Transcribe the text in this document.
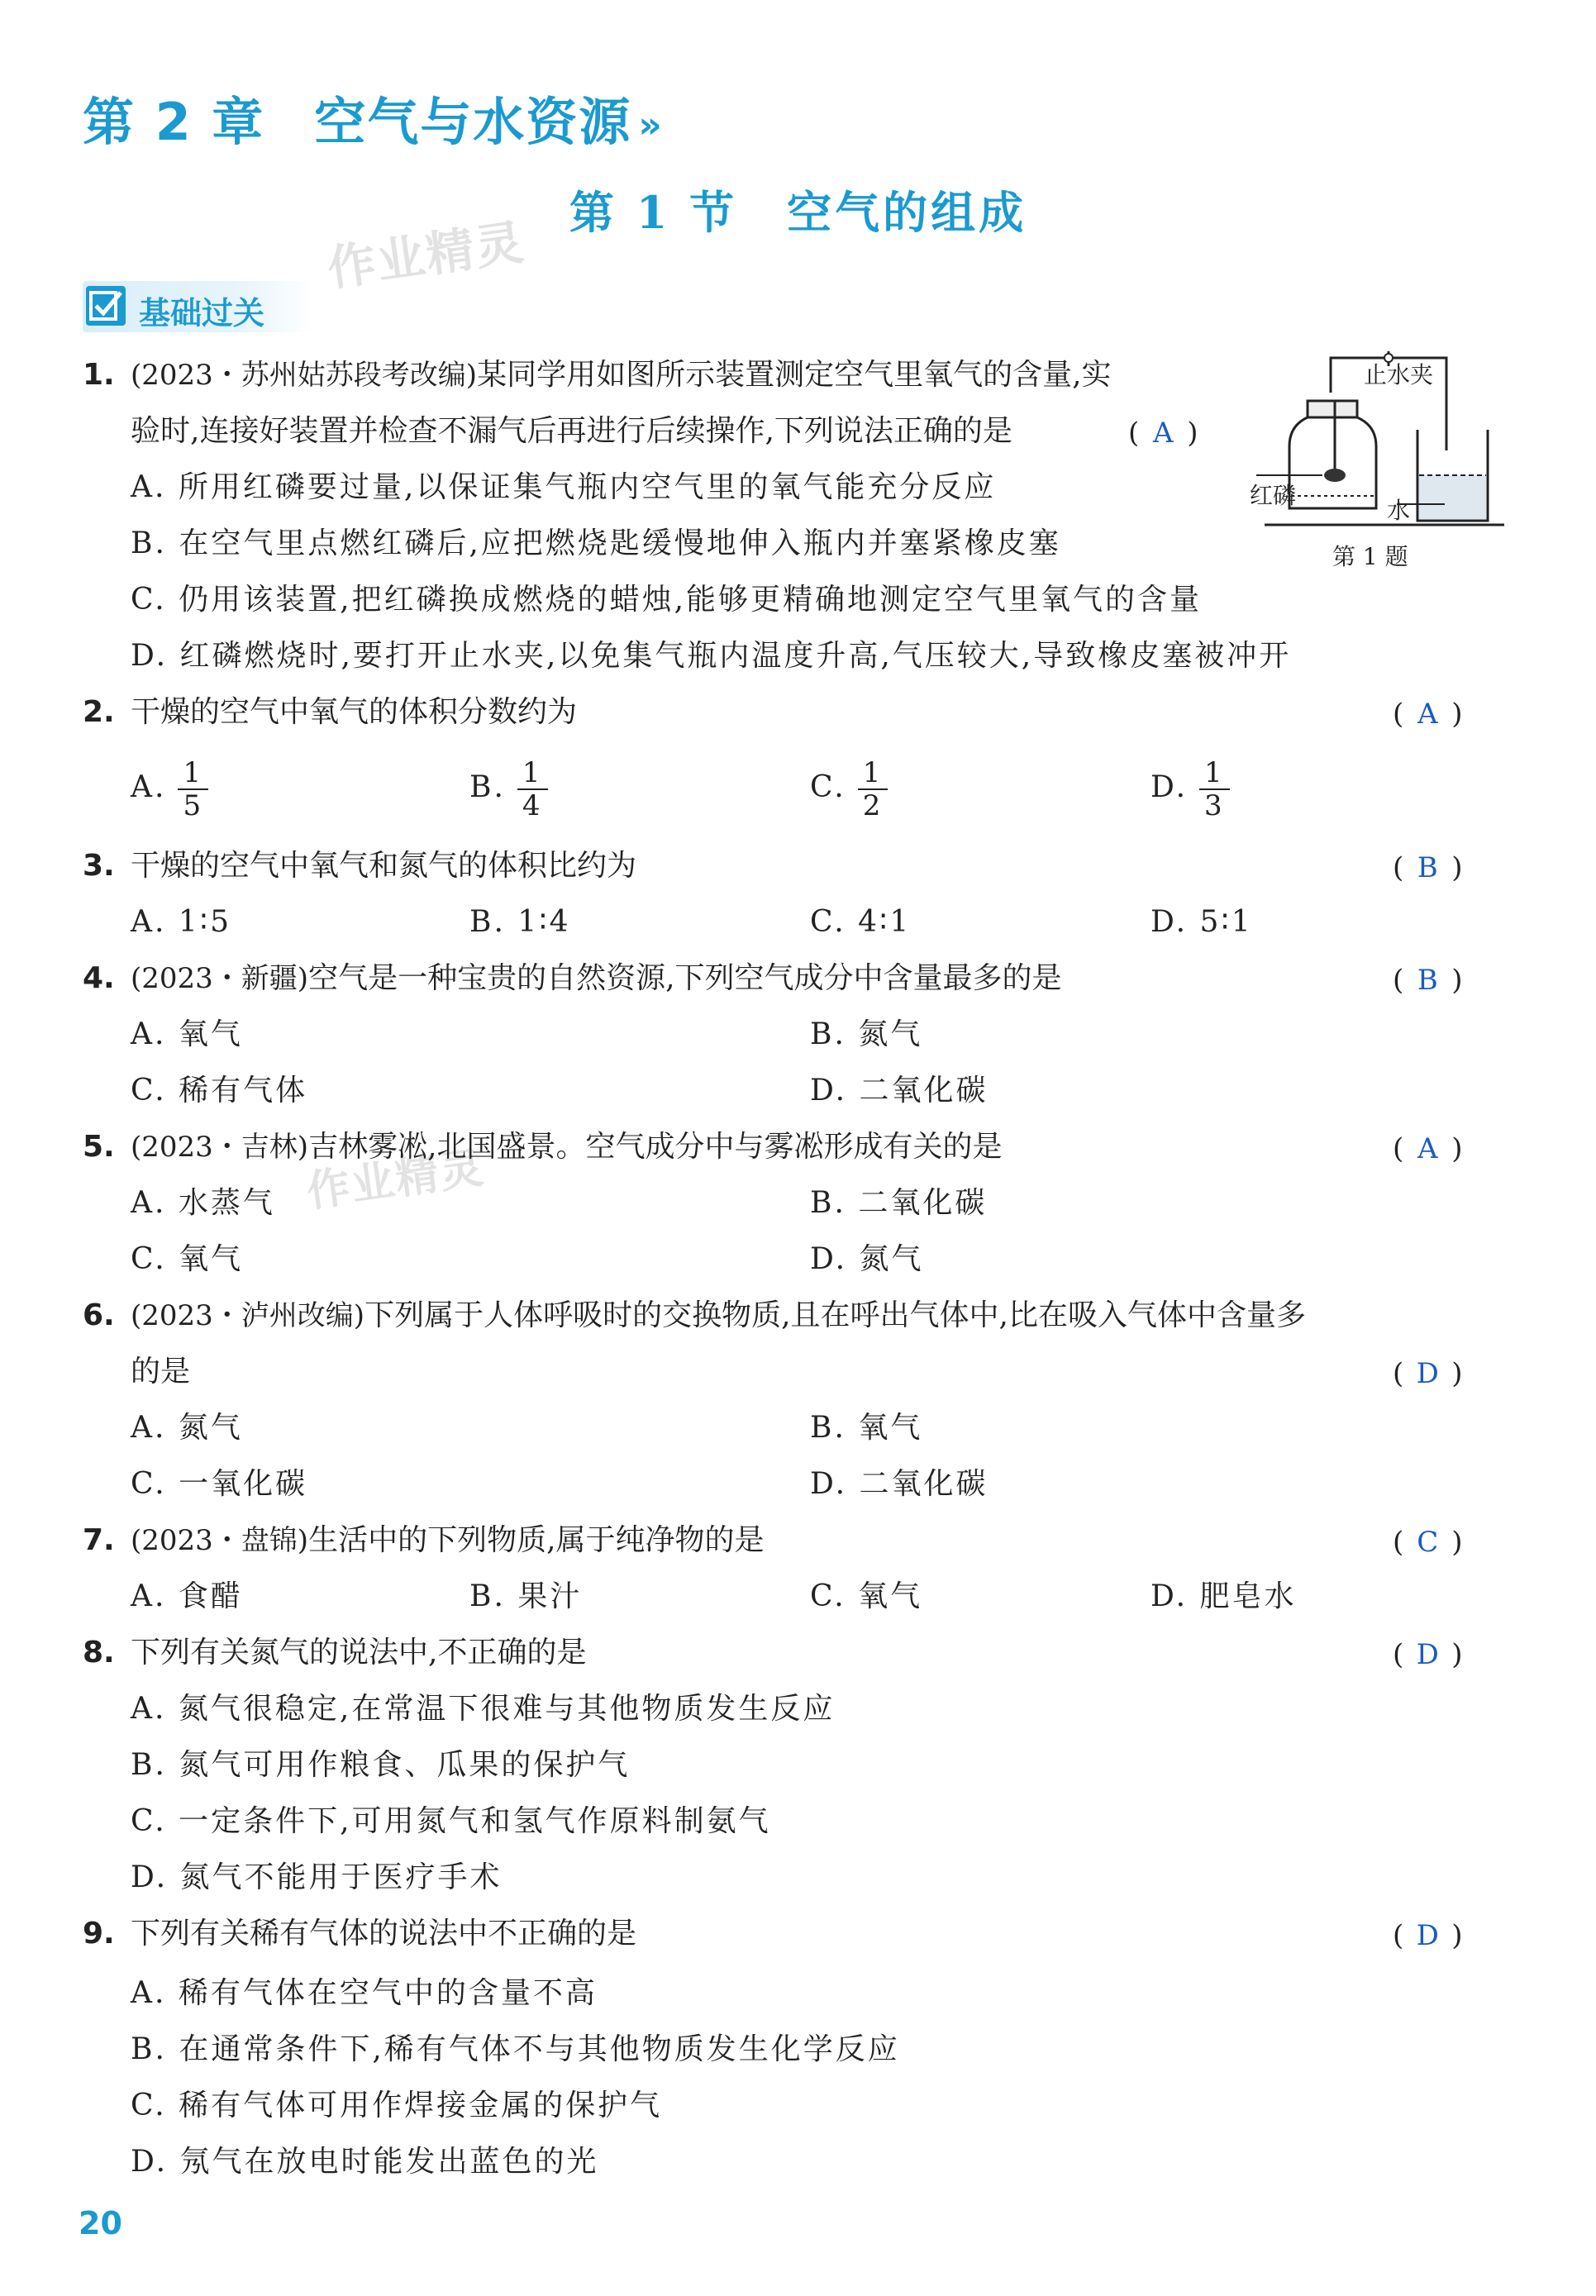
第 2 章 空气与水资源 »
第 1 节 空气的组成
作业精灵
作业精灵
基础过关
止水夹
红磷
水
第 1 题
1. (2023・苏州姑苏段考改编)某同学用如图所示装置测定空气里氧气的含量,实
验时,连接好装置并检查不漏气后再进行后续操作,下列说法正确的是	( A )
A. 所用红磷要过量,以保证集气瓶内空气里的氧气能充分反应
B. 在空气里点燃红磷后,应把燃烧匙缓慢地伸入瓶内并塞紧橡皮塞
C. 仍用该装置,把红磷换成燃烧的蜡烛,能够更精确地测定空气里氧气的含量
D. 红磷燃烧时,要打开止水夹,以免集气瓶内温度升高,气压较大,导致橡皮塞被冲开
2. 干燥的空气中氧气的体积分数约为	( A )
A. $\frac{1}{5}$	B. $\frac{1}{4}$	C. $\frac{1}{2}$	D. $\frac{1}{3}$
3. 干燥的空气中氧气和氮气的体积比约为	( B )
A. 1∶5	B. 1∶4	C. 4∶1	D. 5∶1
4. (2023・新疆)空气是一种宝贵的自然资源,下列空气成分中含量最多的是	( B )
A. 氧气	B. 氮气
C. 稀有气体	D. 二氧化碳
5. (2023・吉林)吉林雾凇,北国盛景。空气成分中与雾凇形成有关的是	( A )
A. 水蒸气	B. 二氧化碳
C. 氧气	D. 氮气
6. (2023・泸州改编)下列属于人体呼吸时的交换物质,且在呼出气体中,比在吸入气体中含量多
的是	( D )
A. 氮气	B. 氧气
C. 一氧化碳	D. 二氧化碳
7. (2023・盘锦)生活中的下列物质,属于纯净物的是	( C )
A. 食醋	B. 果汁	C. 氧气	D. 肥皂水
8. 下列有关氮气的说法中,不正确的是	( D )
A. 氮气很稳定,在常温下很难与其他物质发生反应
B. 氮气可用作粮食、瓜果的保护气
C. 一定条件下,可用氮气和氢气作原料制氨气
D. 氮气不能用于医疗手术
9. 下列有关稀有气体的说法中不正确的是	( D )
A. 稀有气体在空气中的含量不高
B. 在通常条件下,稀有气体不与其他物质发生化学反应
C. 稀有气体可用作焊接金属的保护气
D. 氖气在放电时能发出蓝色的光
20
